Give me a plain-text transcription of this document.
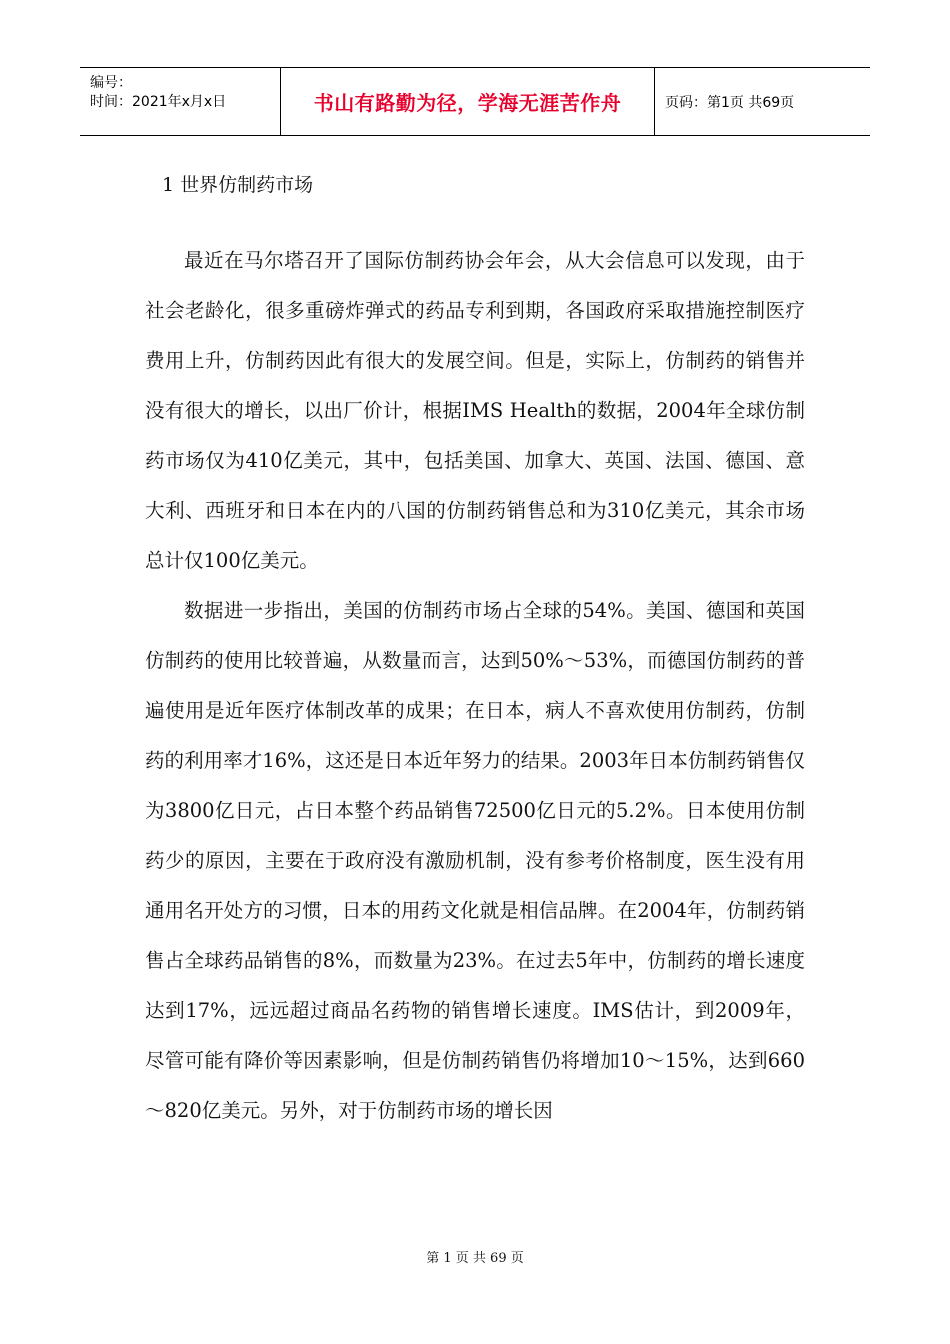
编号：
时间：2021年x月x日	书山有路勤为径，学海无涯苦作舟	页码：第1页 共69页
1 世界仿制药市场

最近在马尔塔召开了国际仿制药协会年会，从大会信息可以发现，由于社会老龄化，很多重磅炸弹式的药品专利到期，各国政府采取措施控制医疗费用上升，仿制药因此有很大的发展空间。但是，实际上，仿制药的销售并没有很大的增长，以出厂价计，根据IMS Health的数据，2004年全球仿制药市场仅为410亿美元，其中，包括美国、加拿大、英国、法国、德国、意大利、西班牙和日本在内的八国的仿制药销售总和为310亿美元，其余市场总计仅100亿美元。

数据进一步指出，美国的仿制药市场占全球的54%。美国、德国和英国仿制药的使用比较普遍，从数量而言，达到50%～53%，而德国仿制药的普遍使用是近年医疗体制改革的成果；在日本，病人不喜欢使用仿制药，仿制药的利用率才16%，这还是日本近年努力的结果。2003年日本仿制药销售仅为3800亿日元，占日本整个药品销售72500亿日元的5.2%。日本使用仿制药少的原因，主要在于政府没有激励机制，没有参考价格制度，医生没有用通用名开处方的习惯，日本的用药文化就是相信品牌。在2004年，仿制药销售占全球药品销售的8%，而数量为23%。在过去5年中，仿制药的增长速度达到17%，远远超过商品名药物的销售增长速度。IMS估计，到2009年，尽管可能有降价等因素影响，但是仿制药销售仍将增加10～15%，达到660～820亿美元。另外，对于仿制药市场的增长因

第 1 页 共 69 页
